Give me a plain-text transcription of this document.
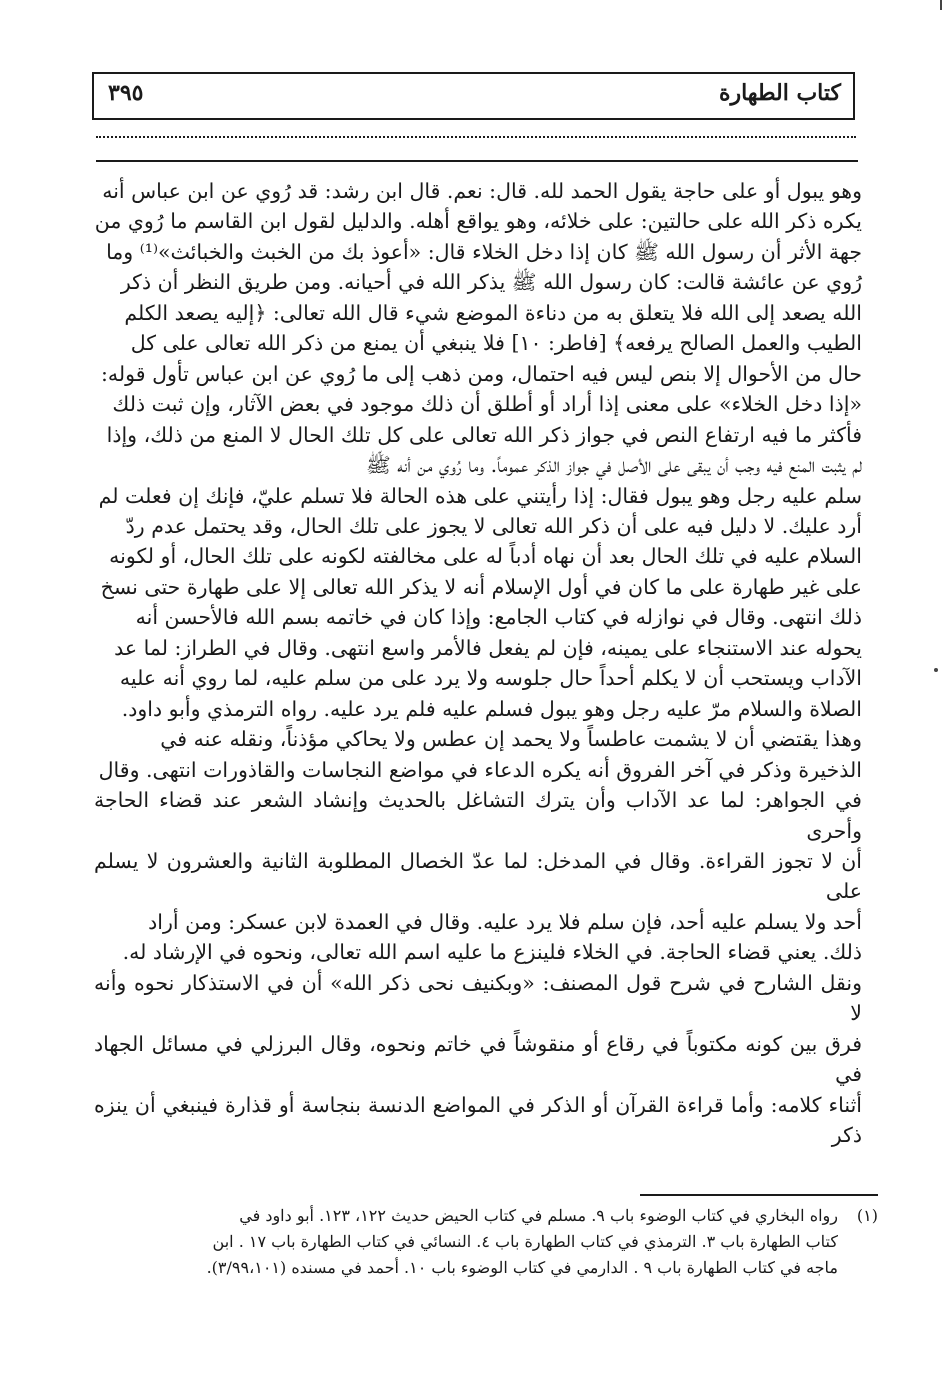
كتاب الطهارة
٣٩٥
وهو يبول أو على حاجة يقول الحمد لله. قال: نعم. قال ابن رشد: قد رُوي عن ابن عباس أنه
يكره ذكر الله على حالتين: على خلائه، وهو يواقع أهله. والدليل لقول ابن القاسم ما رُوي من
جهة الأثر أن رسول الله ﷺ كان إذا دخل الخلاء قال: «أعوذ بك من الخبث والخبائث»⁽¹⁾ وما
رُوي عن عائشة قالت: كان رسول الله ﷺ يذكر الله في أحيانه. ومن طريق النظر أن ذكر
الله يصعد إلى الله فلا يتعلق به من دناءة الموضع شيء قال الله تعالى: ﴿إليه يصعد الكلم
الطيب والعمل الصالح يرفعه﴾ [فاطر: ١٠] فلا ينبغي أن يمنع من ذكر الله تعالى على كل
حال من الأحوال إلا بنص ليس فيه احتمال، ومن ذهب إلى ما رُوي عن ابن عباس تأول قوله:
«إذا دخل الخلاء» على معنى إذا أراد أو أطلق أن ذلك موجود في بعض الآثار، وإن ثبت ذلك
فأكثر ما فيه ارتفاع النص في جواز ذكر الله تعالى على كل تلك الحال لا المنع من ذلك، وإذا
لم يثبت المنع فيه وجب أن يبقى على الأصل في جواز الذكر عموماً. وما رُوي من أنه ﷺ
سلم عليه رجل وهو يبول فقال: إذا رأيتني على هذه الحالة فلا تسلم عليّ، فإنك إن فعلت لم
أرد عليك. لا دليل فيه على أن ذكر الله تعالى لا يجوز على تلك الحال، وقد يحتمل عدم ردّ
السلام عليه في تلك الحال بعد أن نهاه أدباً له على مخالفته لكونه على تلك الحال، أو لكونه
على غير طهارة على ما كان في أول الإسلام أنه لا يذكر الله تعالى إلا على طهارة حتى نسخ
ذلك انتهى. وقال في نوازله في كتاب الجامع: وإذا كان في خاتمه بسم الله فالأحسن أنه
يحوله عند الاستنجاء على يمينه، فإن لم يفعل فالأمر واسع انتهى. وقال في الطراز: لما عد
الآداب ويستحب أن لا يكلم أحداً حال جلوسه ولا يرد على من سلم عليه، لما روي أنه عليه
الصلاة والسلام مرّ عليه رجل وهو يبول فسلم عليه فلم يرد عليه. رواه الترمذي وأبو داود.
وهذا يقتضي أن لا يشمت عاطساً ولا يحمد إن عطس ولا يحاكي مؤذناً، ونقله عنه في
الذخيرة وذكر في آخر الفروق أنه يكره الدعاء في مواضع النجاسات والقاذورات انتهى. وقال
في الجواهر: لما عد الآداب وأن يترك التشاغل بالحديث وإنشاد الشعر عند قضاء الحاجة وأحرى
أن لا تجوز القراءة. وقال في المدخل: لما عدّ الخصال المطلوبة الثانية والعشرون لا يسلم على
أحد ولا يسلم عليه أحد، فإن سلم فلا يرد عليه. وقال في العمدة لابن عسكر: ومن أراد
ذلك. يعني قضاء الحاجة. في الخلاء فلينزع ما عليه اسم الله تعالى، ونحوه في الإرشاد له.
ونقل الشارح في شرح قول المصنف: «وبكنيف نحى ذكر الله» أن في الاستذكار نحوه وأنه لا
فرق بين كونه مكتوباً في رقاع أو منقوشاً في خاتم ونحوه، وقال البرزلي في مسائل الجهاد في
أثناء كلامه: وأما قراءة القرآن أو الذكر في المواضع الدنسة بنجاسة أو قذارة فينبغي أن ينزه ذكر
(١)
رواه البخاري في كتاب الوضوء باب ٩. مسلم في كتاب الحيض حديث ١٢٢، ١٢٣. أبو داود في
كتاب الطهارة باب ٣. الترمذي في كتاب الطهارة باب ٤. النسائي في كتاب الطهارة باب ١٧ . ابن
ماجه في كتاب الطهارة باب ٩ . الدارمي في كتاب الوضوء باب ١٠. أحمد في مسنده (٣/٩٩،١٠١).
